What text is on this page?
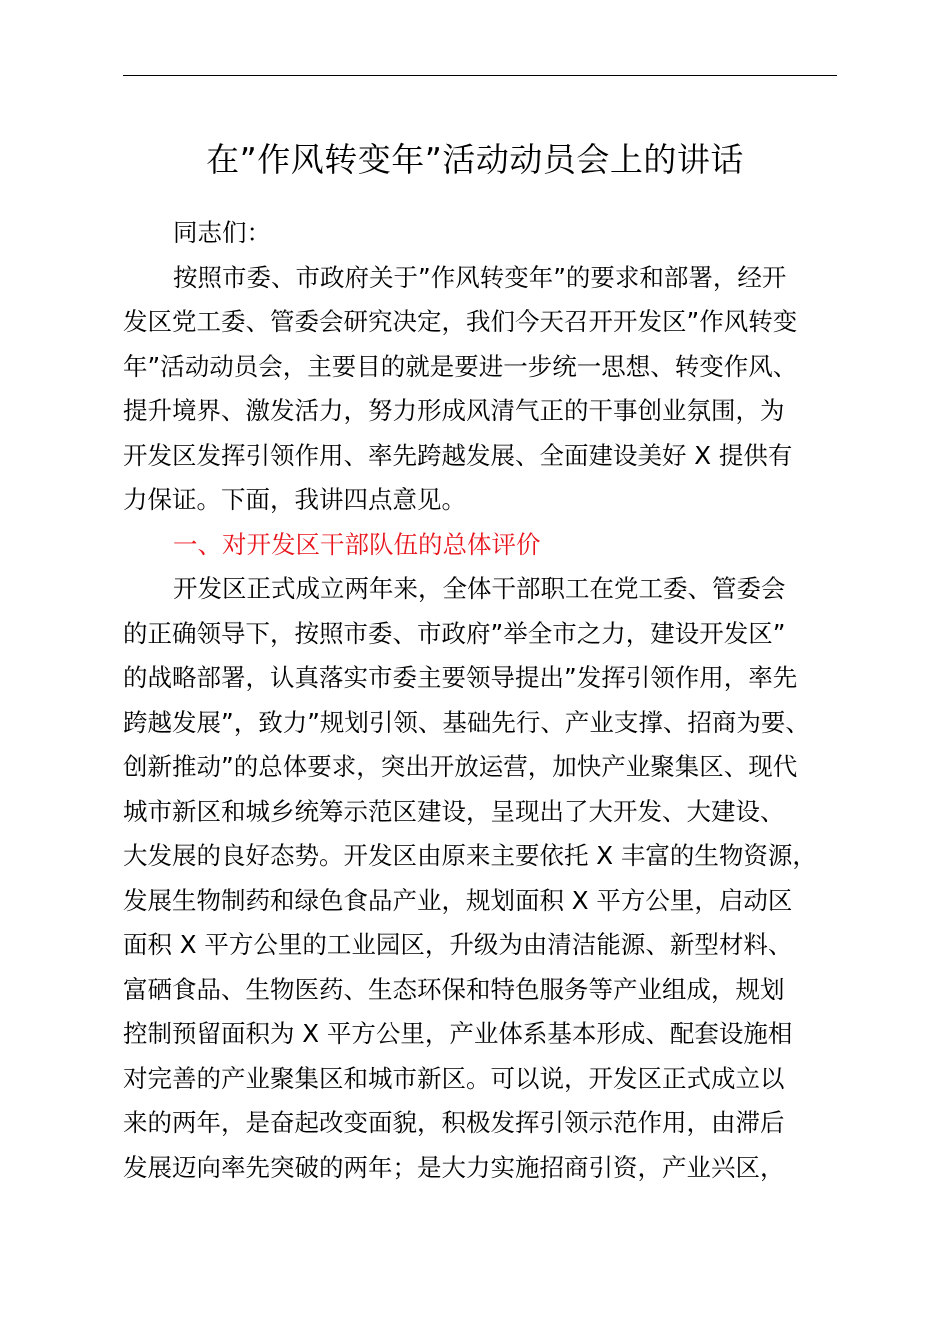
在”作风转变年”活动动员会上的讲话
同志们：
按照市委、市政府关于”作风转变年”的要求和部署，经开
发区党工委、管委会研究决定，我们今天召开开发区”作风转变
年”活动动员会，主要目的就是要进一步统一思想、转变作风、
提升境界、激发活力，努力形成风清气正的干事创业氛围，为
开发区发挥引领作用、率先跨越发展、全面建设美好 X 提供有
力保证。下面，我讲四点意见。
一、对开发区干部队伍的总体评价
开发区正式成立两年来，全体干部职工在党工委、管委会
的正确领导下，按照市委、市政府”举全市之力，建设开发区”
的战略部署，认真落实市委主要领导提出”发挥引领作用，率先
跨越发展”，致力”规划引领、基础先行、产业支撑、招商为要、
创新推动”的总体要求，突出开放运营，加快产业聚集区、现代
城市新区和城乡统筹示范区建设，呈现出了大开发、大建设、
大发展的良好态势。开发区由原来主要依托 X 丰富的生物资源，
发展生物制药和绿色食品产业，规划面积 X 平方公里，启动区
面积 X 平方公里的工业园区，升级为由清洁能源、新型材料、
富硒食品、生物医药、生态环保和特色服务等产业组成，规划
控制预留面积为 X 平方公里，产业体系基本形成、配套设施相
对完善的产业聚集区和城市新区。可以说，开发区正式成立以
来的两年，是奋起改变面貌，积极发挥引领示范作用，由滞后
发展迈向率先突破的两年；是大力实施招商引资，产业兴区，
